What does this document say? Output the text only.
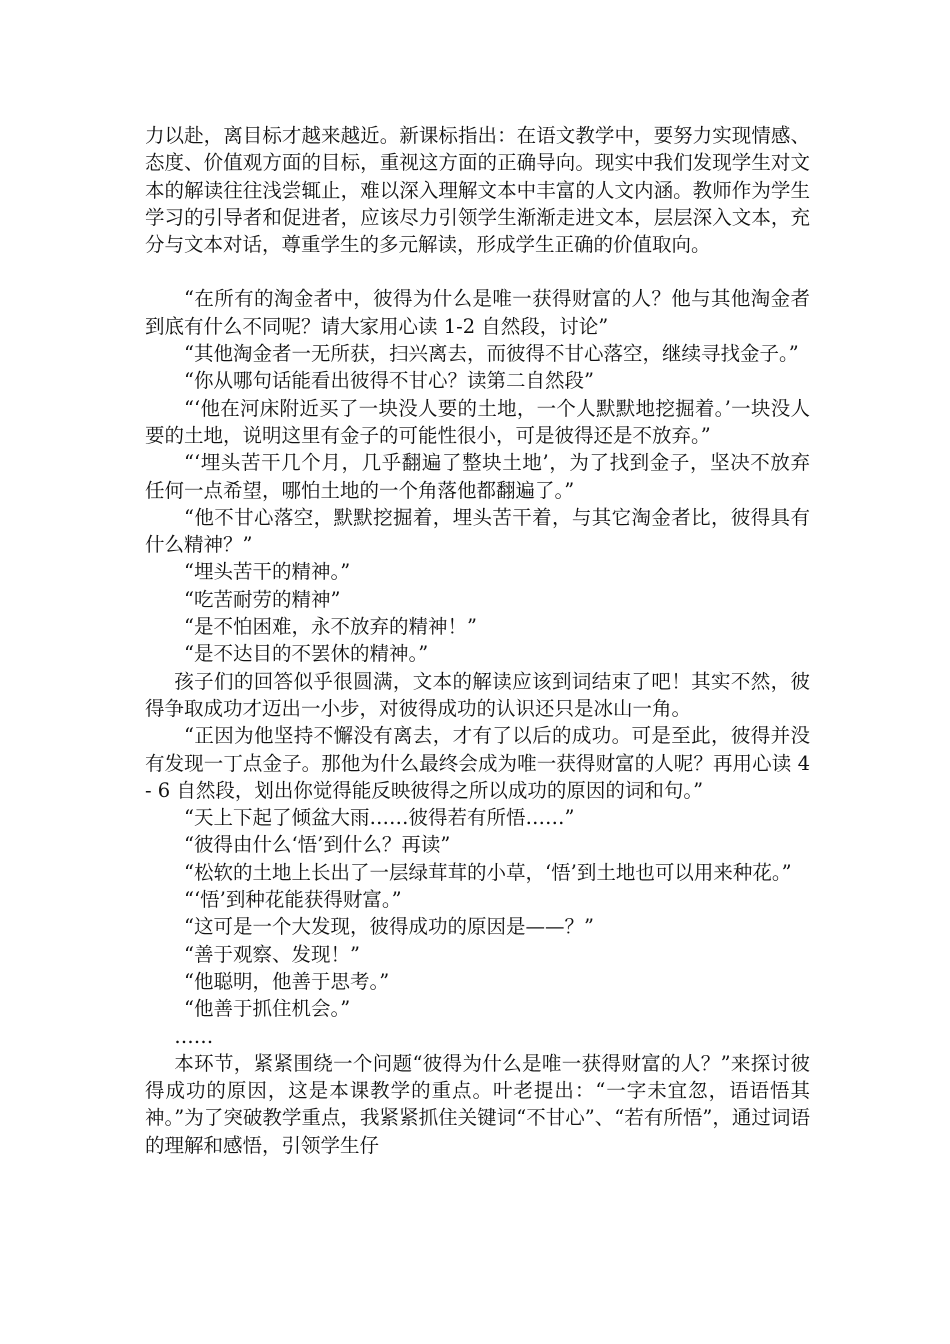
力以赴，离目标才越来越近。新课标指出：在语文教学中，要努力实现情感、态度、价值观方面的目标，重视这方面的正确导向。现实中我们发现学生对文本的解读往往浅尝辄止，难以深入理解文本中丰富的人文内涵。教师作为学生学习的引导者和促进者，应该尽力引领学生渐渐走进文本，层层深入文本，充分与文本对话，尊重学生的多元解读，形成学生正确的价值取向。

“在所有的淘金者中，彼得为什么是唯一获得财富的人？他与其他淘金者到底有什么不同呢？请大家用心读 1-2 自然段，讨论”

“其他淘金者一无所获，扫兴离去，而彼得不甘心落空，继续寻找金子。”

“你从哪句话能看出彼得不甘心？读第二自然段”

“‘他在河床附近买了一块没人要的土地，一个人默默地挖掘着。’一块没人要的土地，说明这里有金子的可能性很小，可是彼得还是不放弃。”

“‘埋头苦干几个月，几乎翻遍了整块土地’，为了找到金子，坚决不放弃任何一点希望，哪怕土地的一个角落他都翻遍了。”

“他不甘心落空，默默挖掘着，埋头苦干着，与其它淘金者比，彼得具有什么精神？”

“埋头苦干的精神。”

“吃苦耐劳的精神”

“是不怕困难，永不放弃的精神！”

“是不达目的不罢休的精神。”

孩子们的回答似乎很圆满，文本的解读应该到词结束了吧！其实不然，彼得争取成功才迈出一小步，对彼得成功的认识还只是冰山一角。

“正因为他坚持不懈没有离去，才有了以后的成功。可是至此，彼得并没有发现一丁点金子。那他为什么最终会成为唯一获得财富的人呢？再用心读 4 - 6 自然段，划出你觉得能反映彼得之所以成功的原因的词和句。”

“天上下起了倾盆大雨……彼得若有所悟……”

“彼得由什么‘悟’到什么？再读”

“松软的土地上长出了一层绿茸茸的小草，‘悟’到土地也可以用来种花。”

“‘悟’到种花能获得财富。”

“这可是一个大发现，彼得成功的原因是——？”

“善于观察、发现！”

“他聪明，他善于思考。”

“他善于抓住机会。”

……

本环节，紧紧围绕一个问题“彼得为什么是唯一获得财富的人？”来探讨彼得成功的原因，这是本课教学的重点。叶老提出：“一字未宜忽，语语悟其神。”为了突破教学重点，我紧紧抓住关键词“不甘心”、“若有所悟”，通过词语的理解和感悟，引领学生仔
